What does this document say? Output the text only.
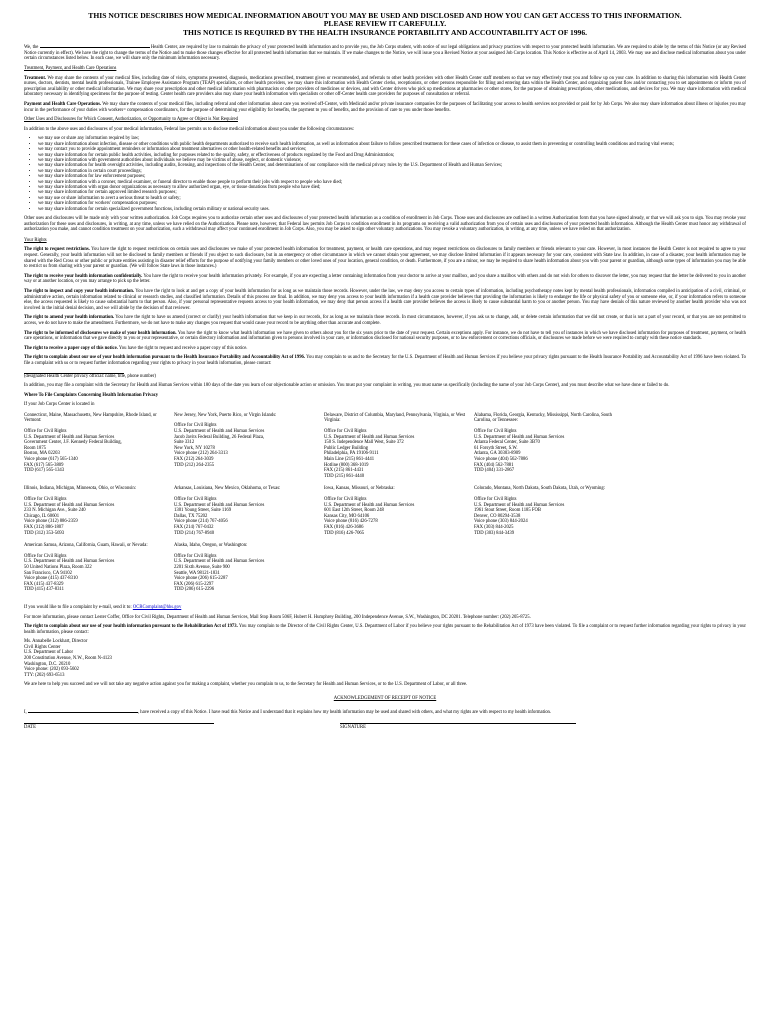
THIS NOTICE DESCRIBES HOW MEDICAL INFORMATION ABOUT YOU MAY BE USED AND DISCLOSED AND HOW YOU CAN GET ACCESS TO THIS INFORMATION.
PLEASE REVIEW IT CAREFULLY.
THIS NOTICE IS REQUIRED BY THE HEALTH INSURANCE PORTABILITY AND ACCOUNTABILITY ACT OF 1996.

We, the	Health Center, are required by law to maintain the privacy of your protected health information and to provide you, the Job Corps student, with notice of our legal obligations and privacy practices with respect to your protected health information. We are required to abide by the terms of this Notice (or any Revised Notice currently in effect). We have the right to change the terms of the Notice and to make those changes effective for all protected health information that we maintain. If we make changes to the Notice, we will issue you a Revised Notice at your assigned Job Corps location. This Notice is effective as of April 14, 2003. We may use and disclose medical information about you under certain circumstances listed below. In each case, we will share only the minimum information necessary.

Treatment, Payment, and Health Care Operations

Treatment. We may share the contents of your medical files, including date of visits, symptoms presented, diagnosis, medications prescribed, treatment given or recommended, and referrals to other health providers with other Health Center staff members so that we may effectively treat you and follow up on your care. In addition to sharing this information with Health Center nurses, doctors, dentists, mental health professionals, Trainee Employee Assistance Program (TEAP) specialists, or other health providers, we may share this information with Health Center clerks, receptionists, or other persons responsible for filing and entering data within the Health Center, and organizing patient flow and/or contacting you to set appointments or inform you of prescription availability or other medical information. We may share your prescription and other medical information with pharmacists or other providers of medicines or devices, and with Center drivers who pick up medications at pharmacies or other stores, for the purpose of obtaining prescriptions, other medications, and devices for you. We may share information with medical laboratory necessary in identifying specimens for the purpose of testing. Center health care providers also may share your health information with specialists or other off-Center health care providers for purposes of consultation or referral.

Payment and Health Care Operations. We may share the contents of your medical files, including referral and other information about care you received off-Center, with Medicaid and/or private insurance companies for the purposes of facilitating your access to health services not provided or paid for by Job Corps. We also may share information about illness or injuries you may incur in the performance of your duties with workers= compensation coordinators, for the purpose of determining your eligibility for benefits, the payment to you of benefits, and the provision of care to you under those benefits.

Other Uses and Disclosures for Which Consent, Authorization, or Opportunity to Agree or Object is Not Required

In addition to the above uses and disclosures of your medical information, Federal law permits us to disclose medical information about you under the following circumstances:

• we may use or share any information required by law;
• we may share information about infection, disease or other conditions with public health departments authorized to receive such health information, as well as information about failure to follow prescribed treatments for these cases of infection or disease, to assist them in preventing or controlling health conditions and tracing vital events;
• we may contact you to provide appointment reminders or information about treatment alternatives or other health-related benefits and services;
• we may share information for certain public health activities, including for purposes related to the quality, safety, or effectiveness of products regulated by the Food and Drug Administration;
• we may share information with government authorities about individuals we believe may be victims of abuse, neglect, or domestic violence;
• we may share information for health oversight activities, including audits, licensing, and inspections of the Health Center, and determinations of our compliance with the medical privacy rules by the U.S. Department of Health and Human Services;
• we may share information in certain court proceedings;
• we may share information for law enforcement purposes;
• we may share information with a coroner, medical examiner, or funeral director to enable those people to perform their jobs with respect to people who have died;
• we may share information with organ donor organizations as necessary to allow authorized organ, eye, or tissue donations from people who have died;
• we may share information for certain approved limited research purposes;
• we may use or share information to avert a serious threat to health or safety;
• we may share information for workers' compensation purposes;
• we may share information for certain specialized government functions, including certain military or national security uses.

Other uses and disclosures will be made only with your written authorization. Job Corps requires you to authorize certain other uses and disclosures of your protected health information as a condition of enrollment in Job Corps. Those uses and disclosures are outlined in a written Authorization form that you have signed already, or that we will ask you to sign. You may revoke your authorization for these uses and disclosures, in writing, at any time, unless we have relied on the Authorization. Please note, however, that Federal law permits Job Corps to condition enrollment in its programs on receiving a valid authorization from you of certain uses and disclosures of your protected health information. Although the Health Center must honor any withdrawal of authorization you make, and cannot condition treatment on your authorization, such a withdrawal may affect your continued enrollment in Job Corps. Also, you may be asked to sign other voluntary authorizations. You may revoke a voluntary authorization, in writing, at any time, unless we have relied on that authorization.

Your Rights

The right to request restrictions. You have the right to request restrictions on certain uses and disclosures we make of your protected health information for treatment, payment, or health care operations, and may request restrictions on disclosures to family members or friends relevant to your care. However, in most instances the Health Center is not required to agree to your request. Generally, your health information will not be disclosed to family members or friends if you object to such disclosure, but in an emergency or other circumstance in which we cannot obtain your agreement, we may disclose limited information if it appears necessary for your care, consistent with State law. In addition, in case of a disaster, your health information may be shared with the Red Cross or other public or private entities assisting in disaster relief efforts for the purpose of notifying your family members or other loved ones of your location, general condition, or death. Furthermore, if you are a minor, we may be required to share health information about you with your parent or guardian, although some types of information you may be able to restrict us from sharing with your parent or guardian. (We will follow State laws in those instances.)

The right to receive your health information confidentially. You have the right to receive your health information privately. For example, if you are expecting a letter containing information from your doctor to arrive at your mailbox, and you share a mailbox with others and do not wish for others to discover the letter, you may request that the letter be delivered to you in another way or at another location, or you may arrange to pick up the letter.

The right to inspect and copy your health information. You have the right to look at and get a copy of your health information for as long as we maintain those records. However, under the law, we may deny you access to certain types of information, including psychotherapy notes kept by mental health professionals, information compiled in anticipation of a civil, criminal, or administrative action, certain information related to clinical or research studies, and classified information. Details of this process are final. In addition, we may deny you access to your health information if a health care provider believes that providing the information is likely to endanger the life or physical safety of you or someone else, or, if your information refers to someone else, the access requested is likely to cause substantial harm to that person. Also, if your personal representative requests access to your health information, we may deny that person access if a health care provider believes the access is likely to cause substantial harm to you or another person. You may have denials of this nature reviewed by another health provider who was not involved in the initial denial decision, and we will abide by the decision of that reviewer.

The right to amend your health information. You have the right to have us amend (correct or clarify) your health information that we keep in our records, for as long as we maintain those records. In most circumstances, however, if you ask us to change, add, or delete certain information that we did not create, or that is not a part of your record, or that you are not permitted to access, we do not have to make the amendment. Furthermore, we do not have to make any changes you request that would cause your record to be anything other than accurate and complete.

The right to be informed of disclosures we make of your health information. You have the right to know what health information we have given to others about you for the six years prior to the date of your request. Certain exceptions apply. For instance, we do not have to tell you of instances in which we have disclosed information for purposes of treatment, payment, or health care operations, or information that we gave directly to you or your representative, or certain directory information and information given to persons involved in your care, or information disclosed for national security purposes, or to law enforcement or corrections officials, or disclosures we made before we were required to comply with these notice standards.

The right to receive a paper copy of this notice. You have the right to request and receive a paper copy of this notice.

The right to complain about our use of your health information pursuant to the Health Insurance Portability and Accountability Act of 1996. You may complain to us and to the Secretary for the U.S. Department of Health and Human Services if you believe your privacy rights pursuant to the Health Insurance Portability and Accountability Act of 1996 have been violated. To file a complaint with us or to request further information regarding your rights to privacy in your health information, please contact:

(designated Health Center privacy official: name, title, phone number)

In addition, you may file a complaint with the Secretary for Health and Human Services within 180 days of the date you learn of our objectionable action or omission. You must put your complaint in writing, you must name us specifically (including the name of your Job Corps Center), and you must describe what we have done or failed to do.

Where To File Complaints Concerning Health Information Privacy

If your Job Corps Center is located in

Connecticut, Maine, Massachusetts, New Hampshire, Rhode Island, or Vermont:
Office for Civil Rights
U.S. Department of Health and Human Services
Government Center, J.F. Kennedy Federal Building,
Room 1875
Boston, MA 02203
Voice phone (617) 565-1340
FAX (617) 565-3809
TDD (617) 565-1343
New Jersey, New York, Puerto Rico, or Virgin Islands:
Office for Civil Rights
U.S. Department of Health and Human Services
Jacob Javits Federal Building, 26 Federal Plaza,
Suite 3312
New York, NY 10278
Voice phone (212) 264-3313
FAX (212) 264-3039
TDD (212) 264-2355
Delaware, District of Columbia, Maryland, Pennsylvania, Virginia, or West Virginia:
Office for Civil Rights
U.S. Department of Health and Human Services
150 S. Independence Mall West, Suite 372
Public Ledger Building
Philadelphia, PA 19106-9111
Main Line (215) 861-4441
Hotline (800) 368-1019
FAX (215) 861-4431
TDD (215) 861-4440
Alabama, Florida, Georgia, Kentucky, Mississippi, North Carolina, South Carolina, or Tennessee:
Office for Civil Rights
U.S. Department of Health and Human Services
Atlanta Federal Center, Suite 3B70
61 Forsyth Street, S.W.
Atlanta, GA 30303-8909
Voice phone (404) 562-7886
FAX (404) 562-7881
TDD (404) 331-2867
Illinois, Indiana, Michigan, Minnesota, Ohio, or Wisconsin:
Office for Civil Rights
U.S. Department of Health and Human Services
233 N. Michigan Ave., Suite 240
Chicago, IL 60601
Voice phone (312) 886-2359
FAX (312) 886-1807
TDD (312) 353-5693
Arkansas, Louisiana, New Mexico, Oklahoma, or Texas:
Office for Civil Rights
U.S. Department of Health and Human Services
1301 Young Street, Suite 1169
Dallas, TX 75202
Voice phone (214) 767-4056
FAX (214) 767-0432
TDD (214) 767-8940
Iowa, Kansas, Missouri, or Nebraska:
Office for Civil Rights
U.S. Department of Health and Human Services
601 East 12th Street, Room 248
Kansas City, MO 64106
Voice phone (816) 426-7278
FAX (816) 426-3686
TDD (816) 426-7065
Colorado, Montana, North Dakota, South Dakota, Utah, or Wyoming:
Office for Civil Rights
U.S. Department of Health and Human Services
1961 Stout Street, Room 1185 FOB
Denver, CO 80294-3538
Voice phone (303) 844-2024
FAX (303) 844-2025
TDD (303) 844-3439
American Samoa, Arizona, California, Guam, Hawaii, or Nevada:
Office for Civil Rights
U.S. Department of Health and Human Services
50 United Nations Plaza, Room 322
San Francisco, CA 94102
Voice phone (415) 437-8310
FAX (415) 437-8329
TDD (415) 437-8311
Alaska, Idaho, Oregon, or Washington:
Office for Civil Rights
U.S. Department of Health and Human Services
2201 Sixth Avenue, Suite 900
Seattle, WA 98121-1831
Voice phone (206) 615-2287
FAX (206) 615-2297
TDD (206) 615-2296

If you would like to file a complaint by e-mail, send it to: OCRComplaint@hhs.gov

For more information, please contact Lester Coffer, Office for Civil Rights, Department of Health and Human Services, Mail Stop Room 506F, Hubert H. Humphrey Building, 200 Independence Avenue, S.W., Washington, DC 20201. Telephone number: (202) 205-8725.

The right to complain about our use of your health information pursuant to the Rehabilitation Act of 1973. You may complain to the Director of the Civil Rights Center, U.S. Department of Labor if you believe your rights pursuant to the Rehabilitation Act of 1973 have been violated. To file a complaint or to request further information regarding your rights to privacy in your health information, please contact:

Ms. Annabelle Lockhart, Director
Civil Rights Center
U.S. Department of Labor
200 Constitution Avenue, N.W., Room N-4123
Washington, D.C. 20210
Voice phone: (202) 693-5602
TTY: (202) 693-6513

We are here to help you succeed and we will not take any negative action against you for making a complaint, whether you complain to us, to the Secretary for Health and Human Services, or to the U.S. Department of Labor, or all three.

ACKNOWLEDGEMENT OF RECEIPT OF NOTICE

I,	, have received a copy of this Notice. I have read this Notice and I understand that it explains how my health information may be used and shared with others, and what my rights are with respect to my health information.

DATE	SIGNATURE
